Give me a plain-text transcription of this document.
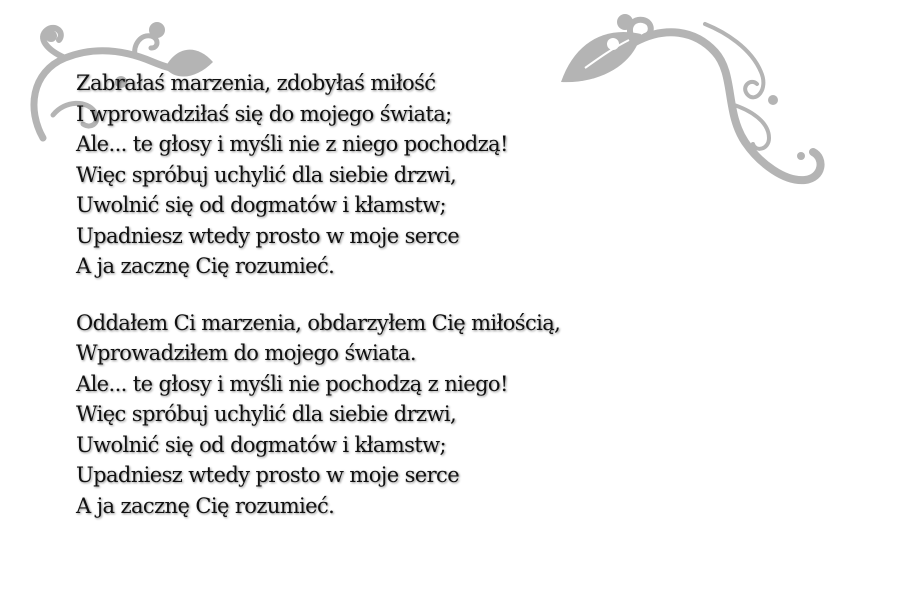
Zabrałaś marzenia, zdobyłaś miłość
I wprowadziłaś się do mojego świata;
Ale... te głosy i myśli nie z niego pochodzą!
Więc spróbuj uchylić dla siebie drzwi,
Uwolnić się od dogmatów i kłamstw;
Upadniesz wtedy prosto w moje serce
A ja zacznę Cię rozumieć.
Oddałem Ci marzenia, obdarzyłem Cię miłością,
Wprowadziłem do mojego świata.
Ale... te głosy i myśli nie pochodzą z niego!
Więc spróbuj uchylić dla siebie drzwi,
Uwolnić się od dogmatów i kłamstw;
Upadniesz wtedy prosto w moje serce
A ja zacznę Cię rozumieć.
